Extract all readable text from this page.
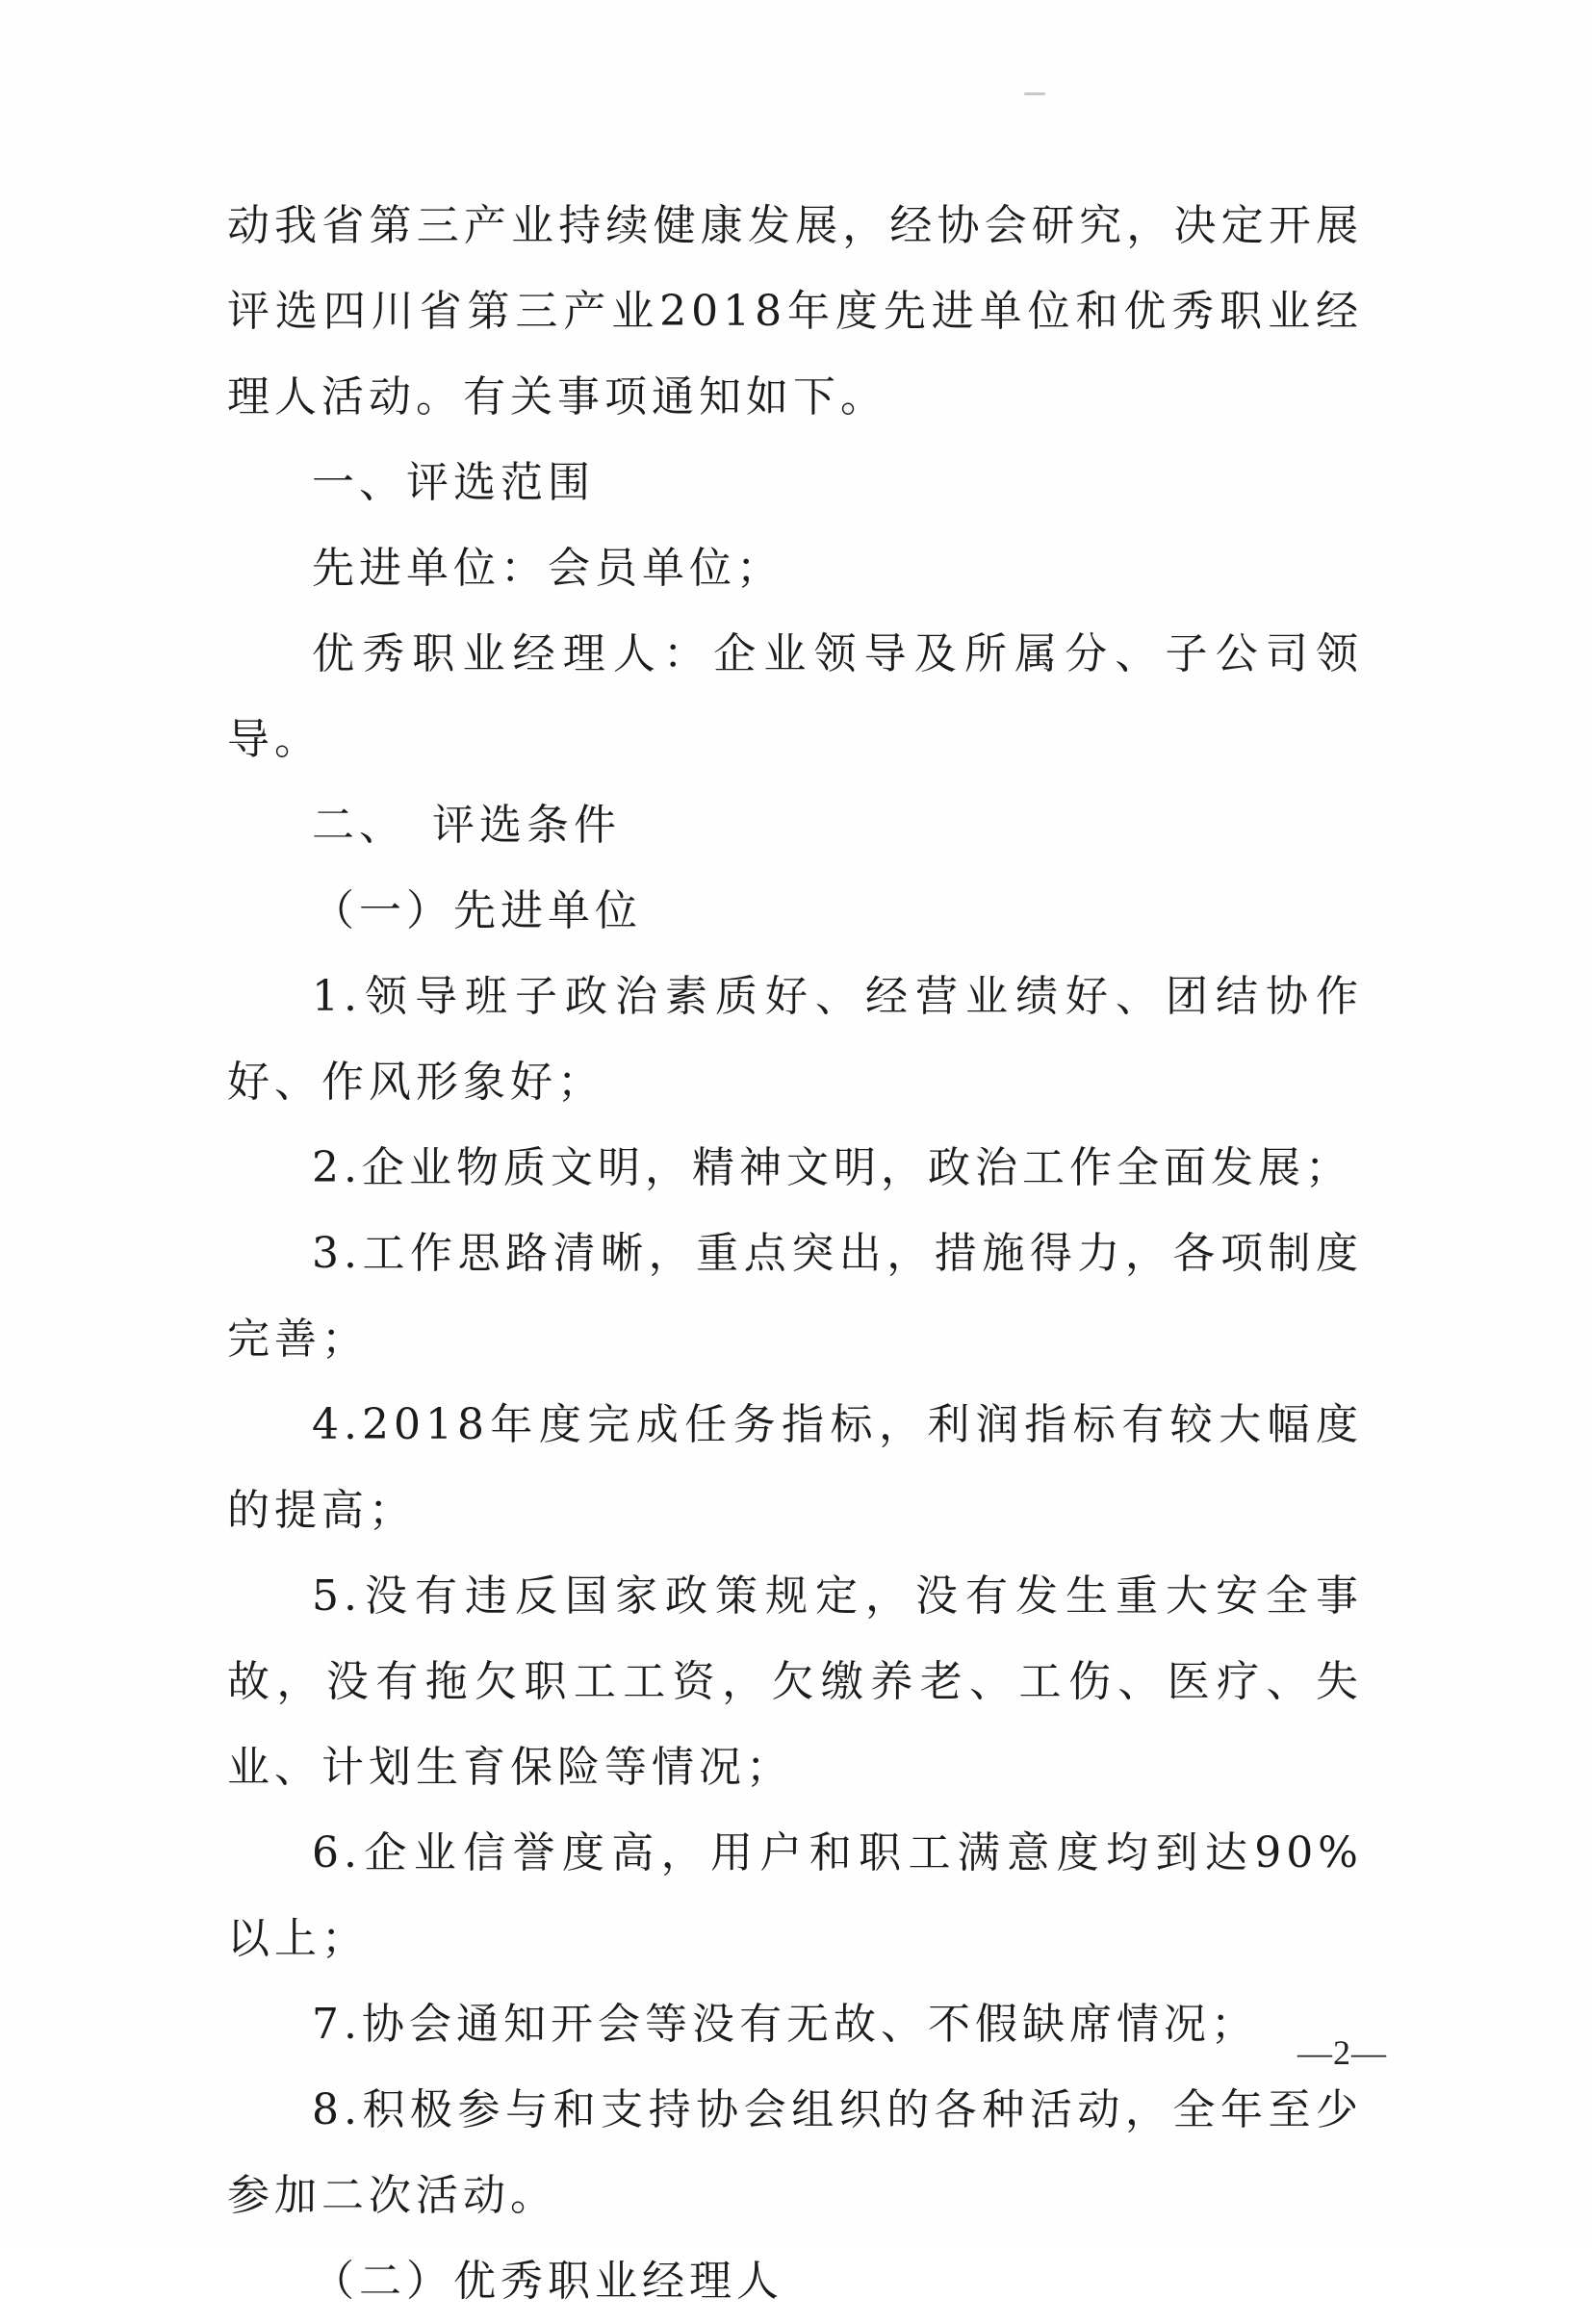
动我省第三产业持续健康发展，经协会研究，决定开展评选四川省第三产业2018年度先进单位和优秀职业经理人活动。有关事项通知如下。

一、评选范围

先进单位：会员单位；

优秀职业经理人：企业领导及所属分、子公司领导。

二、　评选条件

（一）先进单位

1.领导班子政治素质好、经营业绩好、团结协作好、作风形象好；

2.企业物质文明，精神文明，政治工作全面发展；

3.工作思路清晰，重点突出，措施得力，各项制度完善；

4.2018年度完成任务指标，利润指标有较大幅度的提高；

5.没有违反国家政策规定，没有发生重大安全事故，没有拖欠职工工资，欠缴养老、工伤、医疗、失业、计划生育保险等情况；

6.企业信誉度高，用户和职工满意度均到达90%以上；

7.协会通知开会等没有无故、不假缺席情况；

8.积极参与和支持协会组织的各种活动，全年至少参加二次活动。

（二）优秀职业经理人

—2—
